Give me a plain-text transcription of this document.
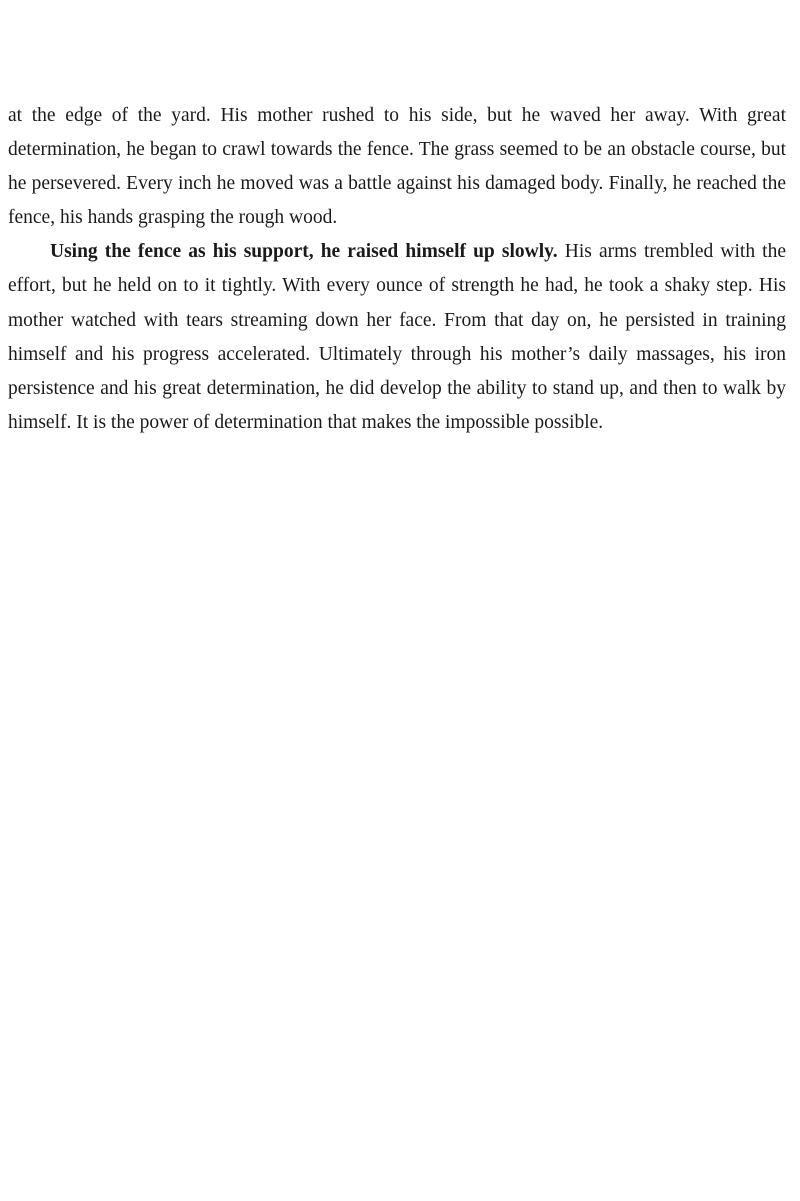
at the edge of the yard. His mother rushed to his side, but he waved her away. With great determination, he began to crawl towards the fence. The grass seemed to be an obstacle course, but he persevered. Every inch he moved was a battle against his damaged body. Finally, he reached the fence, his hands grasping the rough wood.

Using the fence as his support, he raised himself up slowly. His arms trembled with the effort, but he held on to it tightly. With every ounce of strength he had, he took a shaky step. His mother watched with tears streaming down her face. From that day on, he persisted in training himself and his progress accelerated. Ultimately through his mother’s daily massages, his iron persistence and his great determination, he did develop the ability to stand up, and then to walk by himself. It is the power of determination that makes the impossible possible.
